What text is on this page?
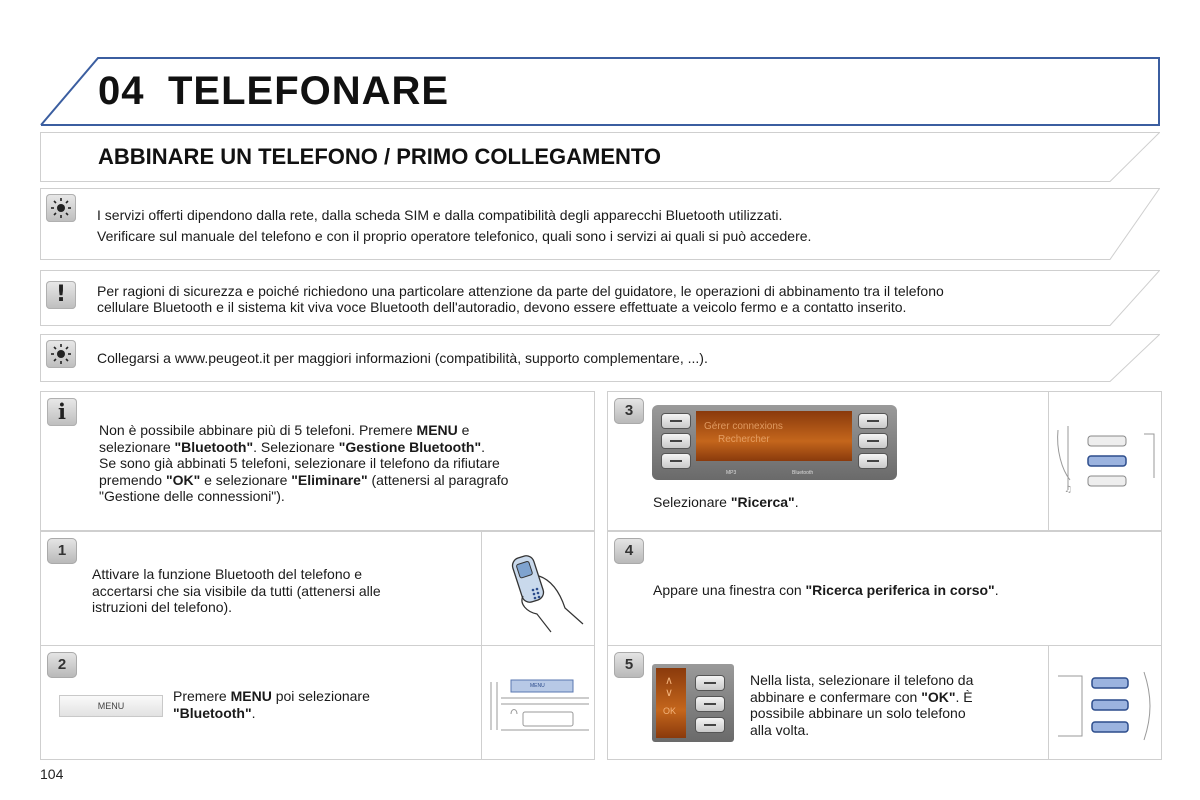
04 TELEFONARE
ABBINARE UN TELEFONO / PRIMO COLLEGAMENTO
I servizi offerti dipendono dalla rete, dalla scheda SIM e dalla compatibilità degli apparecchi Bluetooth utilizzati.
Verificare sul manuale del telefono e con il proprio operatore telefonico, quali sono i servizi ai quali si può accedere.
!	Per ragioni di sicurezza e poiché richiedono una particolare attenzione da parte del guidatore, le operazioni di abbinamento tra il telefono
cellulare Bluetooth e il sistema kit viva voce Bluetooth dell'autoradio, devono essere effettuate a veicolo fermo e a contatto inserito.
Collegarsi a www.peugeot.it per maggiori informazioni (compatibilità, supporto complementare, ...).
i
Non è possibile abbinare più di 5 telefoni. Premere MENU e
selezionare "Bluetooth". Selezionare "Gestione Bluetooth".
Se sono già abbinati 5 telefoni, selezionare il telefono da rifiutare
premendo "OK" e selezionare "Eliminare" (attenersi al paragrafo
"Gestione delle connessioni").
1
Attivare la funzione Bluetooth del telefono e
accertarsi che sia visibile da tutti (attenersi alle
istruzioni del telefono).
2
MENU
Premere MENU poi selezionare
"Bluetooth".
MENU
3
Gérer connexions
Rechercher
MP3	Bluetooth
Selezionare "Ricerca".
♫
4
Appare una finestra con "Ricerca periferica in corso".
5
∧
∨
OK
Nella lista, selezionare il telefono da
abbinare e confermare con "OK". È
possibile abbinare un solo telefono
alla volta.
104
